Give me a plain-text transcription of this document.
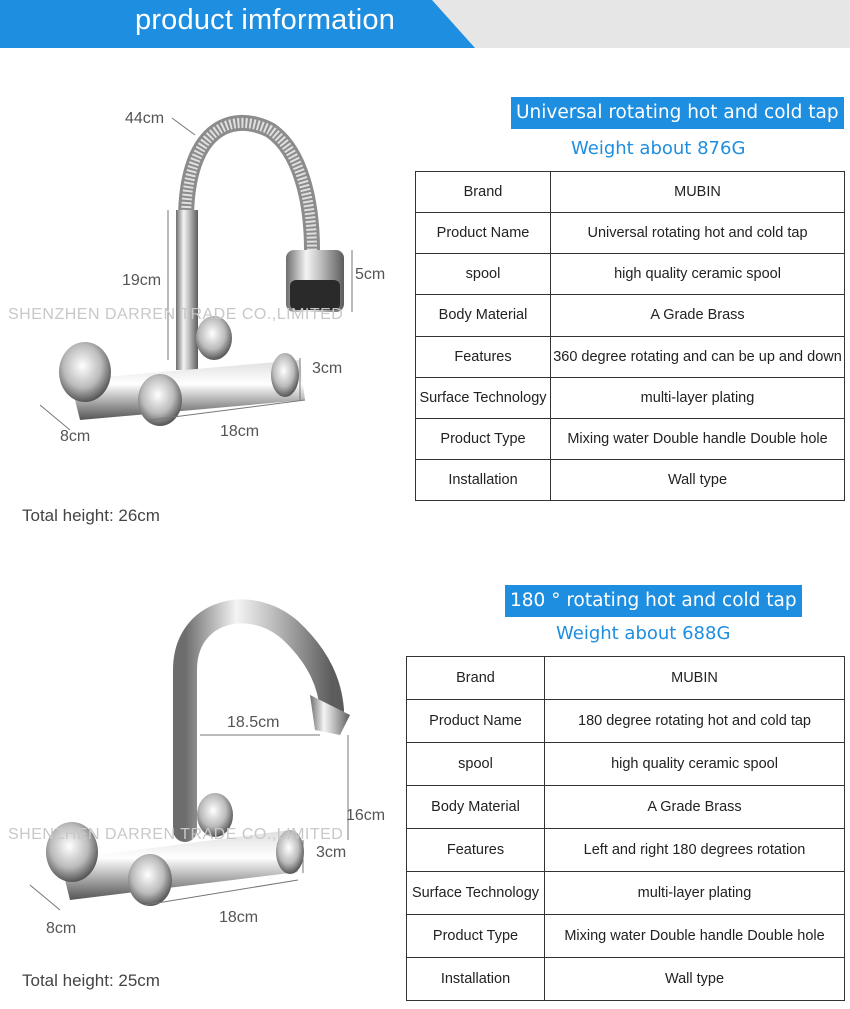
product imformation
44cm
19cm	5cm
3cm
8cm	18cm
SHENZHEN DARREN TRADE CO.,LIMITED
Total height: 26cm
Universal rotating hot and cold tap
Weight about 876G
Brand	MUBIN
Product Name	Universal rotating hot and cold tap
spool	high quality ceramic spool
Body Material	A Grade Brass
Features	360 degree rotating and can be up and down
Surface Technology	multi-layer plating
Product Type	Mixing water Double handle Double hole
Installation	Wall type
18.5cm
16cm
3cm
8cm
18cm
SHENZHEN DARREN TRADE CO.,LIMITED
Total height: 25cm
180 ° rotating hot and cold tap
Weight about 688G
Brand	MUBIN
Product Name	180 degree rotating hot and cold tap
spool	high quality ceramic spool
Body Material	A Grade Brass
Features	Left and right 180 degrees rotation
Surface Technology	multi-layer plating
Product Type	Mixing water Double handle Double hole
Installation	Wall type
